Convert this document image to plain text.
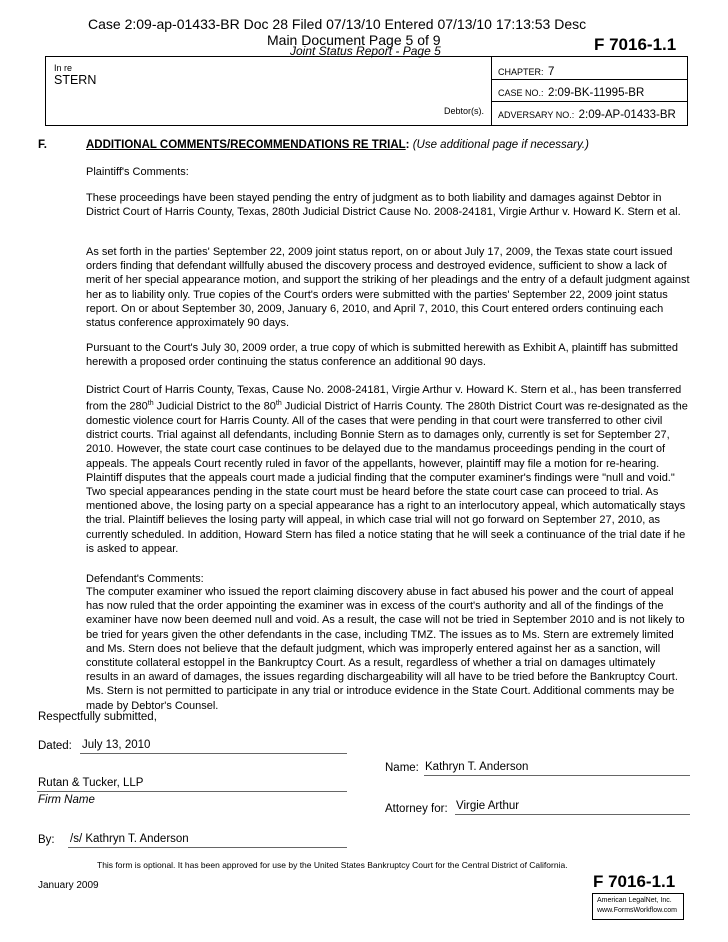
Case 2:09-ap-01433-BR Doc 28 Filed 07/13/10 Entered 07/13/10 17:13:53 Desc
Main Document Page 5 of 9
Joint Status Report - Page 5	F 7016-1.1
In re
STERN
Debtor(s).
CHAPTER: 7
CASE NO.: 2:09-BK-11995-BR
ADVERSARY NO.: 2:09-AP-01433-BR
F.	ADDITIONAL COMMENTS/RECOMMENDATIONS RE TRIAL: (Use additional page if necessary.)
Plaintiff's Comments:
These proceedings have been stayed pending the entry of judgment as to both liability and damages against Debtor in District Court of Harris County, Texas, 280th Judicial District Cause No. 2008-24181, Virgie Arthur v. Howard K. Stern et al.
As set forth in the parties' September 22, 2009 joint status report, on or about July 17, 2009, the Texas state court issued orders finding that defendant willfully abused the discovery process and destroyed evidence, sufficient to show a lack of merit of her special appearance motion, and support the striking of her pleadings and the entry of a default judgment against her as to liability only. True copies of the Court's orders were submitted with the parties' September 22, 2009 joint status report. On or about September 30, 2009, January 6, 2010, and April 7, 2010, this Court entered orders continuing each status conference approximately 90 days.
Pursuant to the Court's July 30, 2009 order, a true copy of which is submitted herewith as Exhibit A, plaintiff has submitted herewith a proposed order continuing the status conference an additional 90 days.
District Court of Harris County, Texas, Cause No. 2008-24181, Virgie Arthur v. Howard K. Stern et al., has been transferred from the 280th Judicial District to the 80th Judicial District of Harris County. The 280th District Court was re-designated as the domestic violence court for Harris County. All of the cases that were pending in that court were transferred to other civil district courts. Trial against all defendants, including Bonnie Stern as to damages only, currently is set for September 27, 2010. However, the state court case continues to be delayed due to the mandamus proceedings pending in the court of appeals. The appeals Court recently ruled in favor of the appellants, however, plaintiff may file a motion for re-hearing. Plaintiff disputes that the appeals court made a judicial finding that the computer examiner's findings were "null and void." Two special appearances pending in the state court must be heard before the state court case can proceed to trial. As mentioned above, the losing party on a special appearance has a right to an interlocutory appeal, which automatically stays the trial. Plaintiff believes the losing party will appeal, in which case trial will not go forward on September 27, 2010, as currently scheduled. In addition, Howard Stern has filed a notice stating that he will seek a continuance of the trial date if he is asked to appear.
Defendant's Comments:
The computer examiner who issued the report claiming discovery abuse in fact abused his power and the court of appeal has now ruled that the order appointing the examiner was in excess of the court's authority and all of the findings of the examiner have now been deemed null and void. As a result, the case will not be tried in September 2010 and is not likely to be tried for years given the other defendants in the case, including TMZ. The issues as to Ms. Stern are extremely limited and Ms. Stern does not believe that the default judgment, which was improperly entered against her as a sanction, will constitute collateral estoppel in the Bankruptcy Court. As a result, regardless of whether a trial on damages ultimately results in an award of damages, the issues regarding dischargeability will all have to be tried before the Bankruptcy Court. Ms. Stern is not permitted to participate in any trial or introduce evidence in the State Court. Additional comments may be made by Debtor's Counsel.
Respectfully submitted,
Dated: July 13, 2010
Name: Kathryn T. Anderson
Rutan & Tucker, LLP
Firm Name
Attorney for: Virgie Arthur
By: /s/ Kathryn T. Anderson
This form is optional. It has been approved for use by the United States Bankruptcy Court for the Central District of California.
January 2009	F 7016-1.1
American LegalNet, Inc.
www.FormsWorkflow.com
